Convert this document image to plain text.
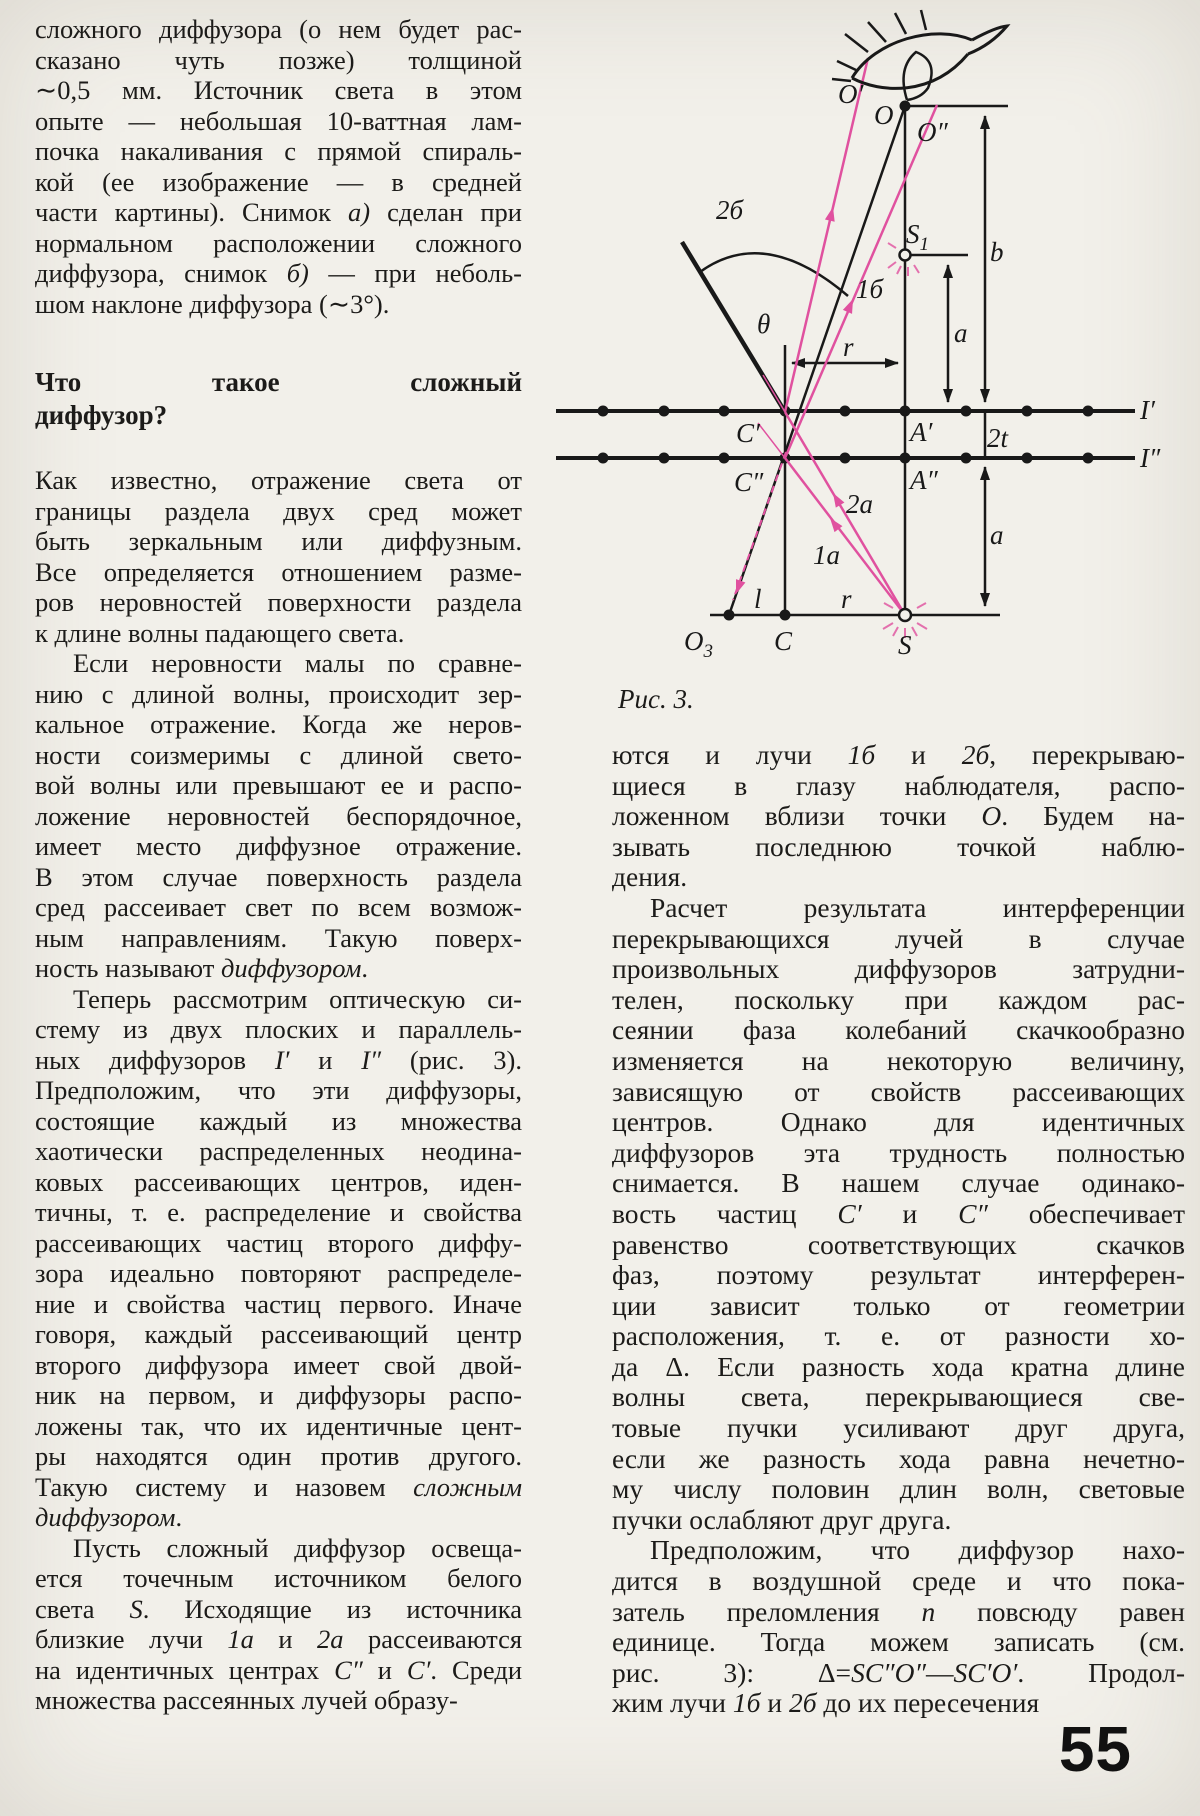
сложного диффузора (о нем будет рас-
сказано чуть позже) толщиной
∼0,5 мм. Источник света в этом
опыте — небольшая 10-ваттная лам-
почка накаливания с прямой спираль-
кой (ее изображение — в средней
части картины). Снимок а) сделан при
нормальном расположении сложного
диффузора, снимок б) — при неболь-
шом наклоне диффузора (∼3°).
Что такое сложный
диффузор?
Как известно, отражение света от
границы раздела двух сред может
быть зеркальным или диффузным.
Все определяется отношением разме-
ров неровностей поверхности раздела
к длине волны падающего света.
Если неровности малы по сравне-
нию с длиной волны, происходит зер-
кальное отражение. Когда же неров-
ности соизмеримы с длиной свето-
вой волны или превышают ее и распо-
ложение неровностей беспорядочное,
имеет место диффузное отражение.
В этом случае поверхность раздела
сред рассеивает свет по всем возмож-
ным направлениям. Такую поверх-
ность называют диффузором.
Теперь рассмотрим оптическую си-
стему из двух плоских и параллель-
ных диффузоров I′ и I″ (рис. 3).
Предположим, что эти диффузоры,
состоящие каждый из множества
хаотически распределенных неодина-
ковых рассеивающих центров, иден-
тичны, т. е. распределение и свойства
рассеивающих частиц второго диффу-
зора идеально повторяют распределе-
ние и свойства частиц первого. Иначе
говоря, каждый рассеивающий центр
второго диффузора имеет свой двой-
ник на первом, и диффузоры распо-
ложены так, что их идентичные цент-
ры находятся один против другого.
Такую систему и назовем сложным
диффузором.
Пусть сложный диффузор освеща-
ется точечным источником белого
света S. Исходящие из источника
близкие лучи 1а и 2а рассеиваются
на идентичных центрах C″ и C′. Среди
множества рассеянных лучей образу-
O′
O
O″
$S_1$ b
2б
1б
θ
r	a
C′	A′ 2t
I′
I″
C″	A″
2a
1a
a
l	r
$O_3$ C	S
Рис. 3.
ются и лучи 1б и 2б, перекрываю-
щиеся в глазу наблюдателя, распо-
ложенном вблизи точки О. Будем на-
зывать последнюю точкой наблю-
дения.
Расчет результата интерференции
перекрывающихся лучей в случае
произвольных диффузоров затрудни-
телен, поскольку при каждом рас-
сеянии фаза колебаний скачкообразно
изменяется на некоторую величину,
зависящую от свойств рассеивающих
центров. Однако для идентичных
диффузоров эта трудность полностью
снимается. В нашем случае одинако-
вость частиц C′ и C″ обеспечивает
равенство соответствующих скачков
фаз, поэтому результат интерферен-
ции зависит только от геометрии
расположения, т. е. от разности хо-
да Δ. Если разность хода кратна длине
волны света, перекрывающиеся све-
товые пучки усиливают друг друга,
если же разность хода равна нечетно-
му числу половин длин волн, световые
пучки ослабляют друг друга.
Предположим, что диффузор нахо-
дится в воздушной среде и что пока-
затель преломления n повсюду равен
единице. Тогда можем записать (см.
рис. 3): Δ=SC″O″—SC′O′. Продол-
жим лучи 1б и 2б до их пересечения
55
